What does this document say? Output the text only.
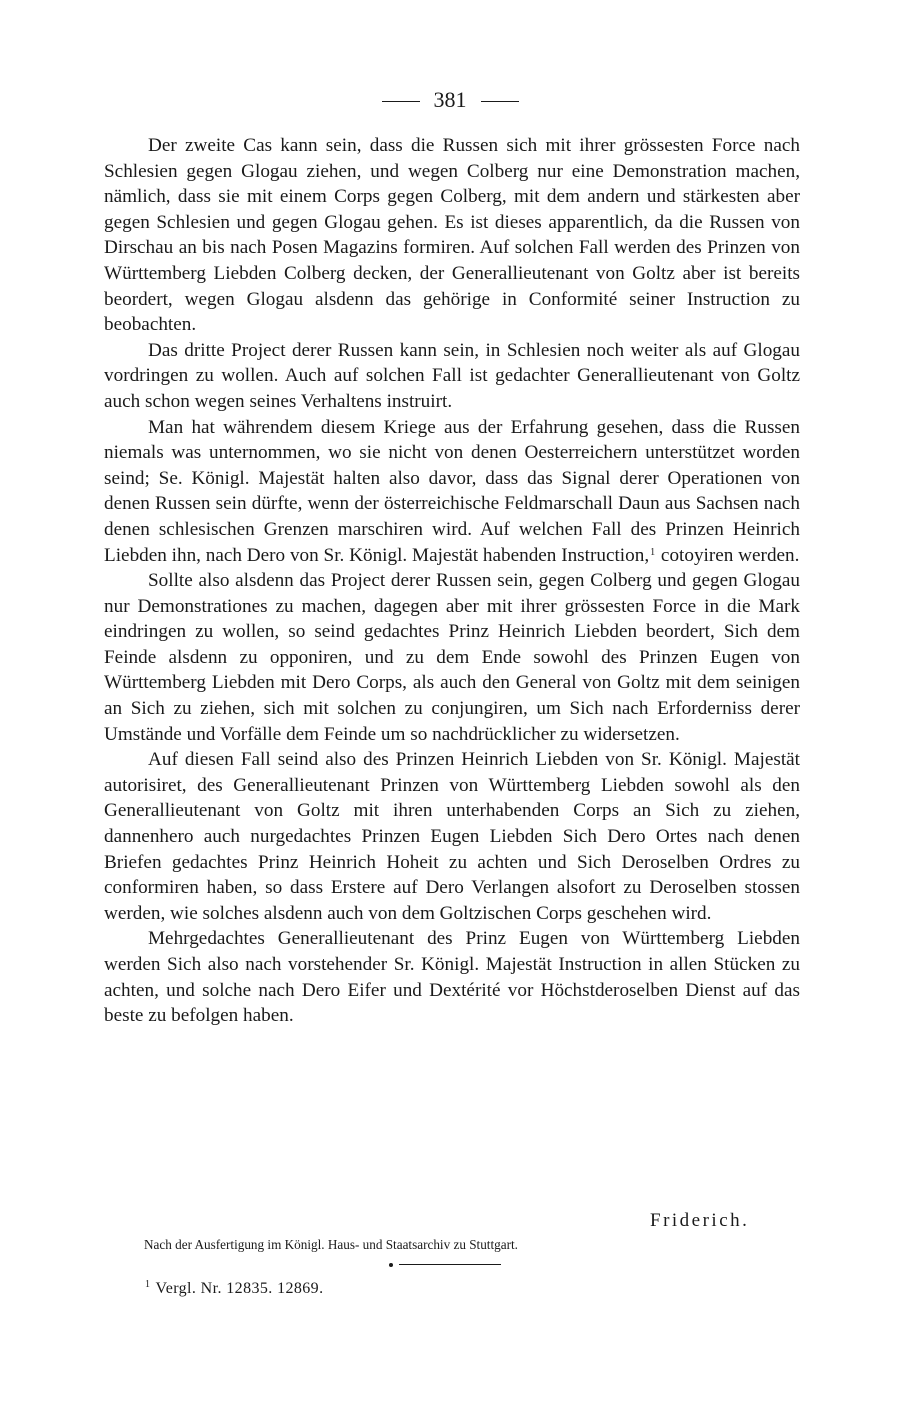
381

Der zweite Cas kann sein, dass die Russen sich mit ihrer grössesten Force nach Schlesien gegen Glogau ziehen, und wegen Colberg nur eine Demonstration machen, nämlich, dass sie mit einem Corps gegen Colberg, mit dem andern und stärkesten aber gegen Schlesien und gegen Glogau gehen. Es ist dieses apparentlich, da die Russen von Dirschau an bis nach Posen Magazins formiren. Auf solchen Fall werden des Prinzen von Württemberg Liebden Colberg decken, der Generallieutenant von Goltz aber ist bereits beordert, wegen Glogau alsdenn das gehörige in Conformité seiner Instruction zu beobachten.

Das dritte Project derer Russen kann sein, in Schlesien noch weiter als auf Glogau vordringen zu wollen. Auch auf solchen Fall ist gedachter Generallieutenant von Goltz auch schon wegen seines Verhaltens instruirt.

Man hat währendem diesem Kriege aus der Erfahrung gesehen, dass die Russen niemals was unternommen, wo sie nicht von denen Oesterreichern unterstützet worden seind; Se. Königl. Majestät halten also davor, dass das Signal derer Operationen von denen Russen sein dürfte, wenn der österreichische Feldmarschall Daun aus Sachsen nach denen schlesischen Grenzen marschiren wird. Auf welchen Fall des Prinzen Heinrich Liebden ihn, nach Dero von Sr. Königl. Majestät habenden Instruction,$^1$ cotoyiren werden.

Sollte also alsdenn das Project derer Russen sein, gegen Colberg und gegen Glogau nur Demonstrationes zu machen, dagegen aber mit ihrer grössesten Force in die Mark eindringen zu wollen, so seind gedachtes Prinz Heinrich Liebden beordert, Sich dem Feinde alsdenn zu opponiren, und zu dem Ende sowohl des Prinzen Eugen von Württemberg Liebden mit Dero Corps, als auch den General von Goltz mit dem seinigen an Sich zu ziehen, sich mit solchen zu conjungiren, um Sich nach Erforderniss derer Umstände und Vorfälle dem Feinde um so nachdrücklicher zu widersetzen.

Auf diesen Fall seind also des Prinzen Heinrich Liebden von Sr. Königl. Majestät autorisiret, des Generallieutenant Prinzen von Württemberg Liebden sowohl als den Generallieutenant von Goltz mit ihren unterhabenden Corps an Sich zu ziehen, dannenhero auch nurgedachtes Prinzen Eugen Liebden Sich Dero Ortes nach denen Briefen gedachtes Prinz Heinrich Hoheit zu achten und Sich Deroselben Ordres zu conformiren haben, so dass Erstere auf Dero Verlangen alsofort zu Deroselben stossen werden, wie solches alsdenn auch von dem Goltzischen Corps geschehen wird.

Mehrgedachtes Generallieutenant des Prinz Eugen von Württemberg Liebden werden Sich also nach vorstehender Sr. Königl. Majestät Instruction in allen Stücken zu achten, und solche nach Dero Eifer und Dextérité vor Höchstderoselben Dienst auf das beste zu befolgen haben.

Friderich.
Nach der Ausfertigung im Königl. Haus- und Staatsarchiv zu Stuttgart.
$^1$ Vergl. Nr. 12835. 12869.
